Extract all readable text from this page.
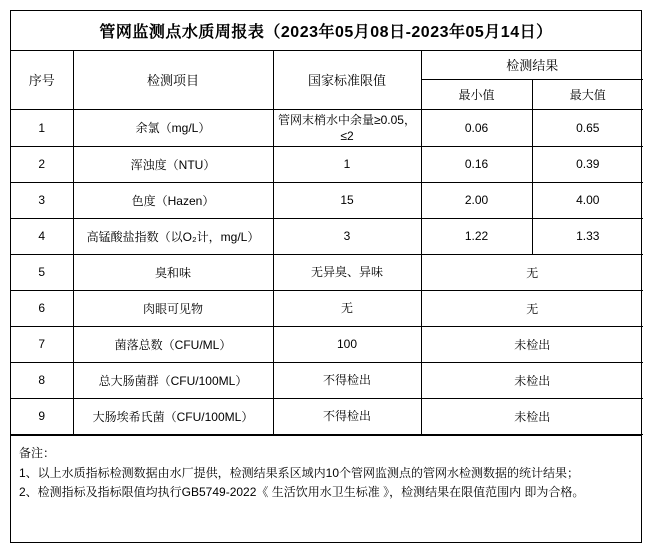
管网监测点水质周报表（2023年05月08日-2023年05月14日）
序号	检测项目	国家标准限值	检测结果	
			最小值	最大值
1	余氯（mg/L）	管网末梢水中余量≥0.05，≤2	0.06	0.65
2	浑浊度（NTU）	1	0.16	0.39
3	色度（Hazen）	15	2.00	4.00
4	高锰酸盐指数（以O₂计，mg/L）	3	1.22	1.33
5	臭和味	无异臭、异味	无	
6	肉眼可见物	无	无	
7	菌落总数（CFU/ML）	100	未检出	
8	总大肠菌群（CFU/100ML）	不得检出	未检出	
9	大肠埃希氏菌（CFU/100ML）	不得检出	未检出	
备注：
1、以上水质指标检测数据由水厂提供，检测结果系区域内10个管网监测点的管网水检测数据的统计结果；
2、检测指标及指标限值均执行GB5749-2022《 生活饮用水卫生标准 》，检测结果在限值范围内 即为合格。
